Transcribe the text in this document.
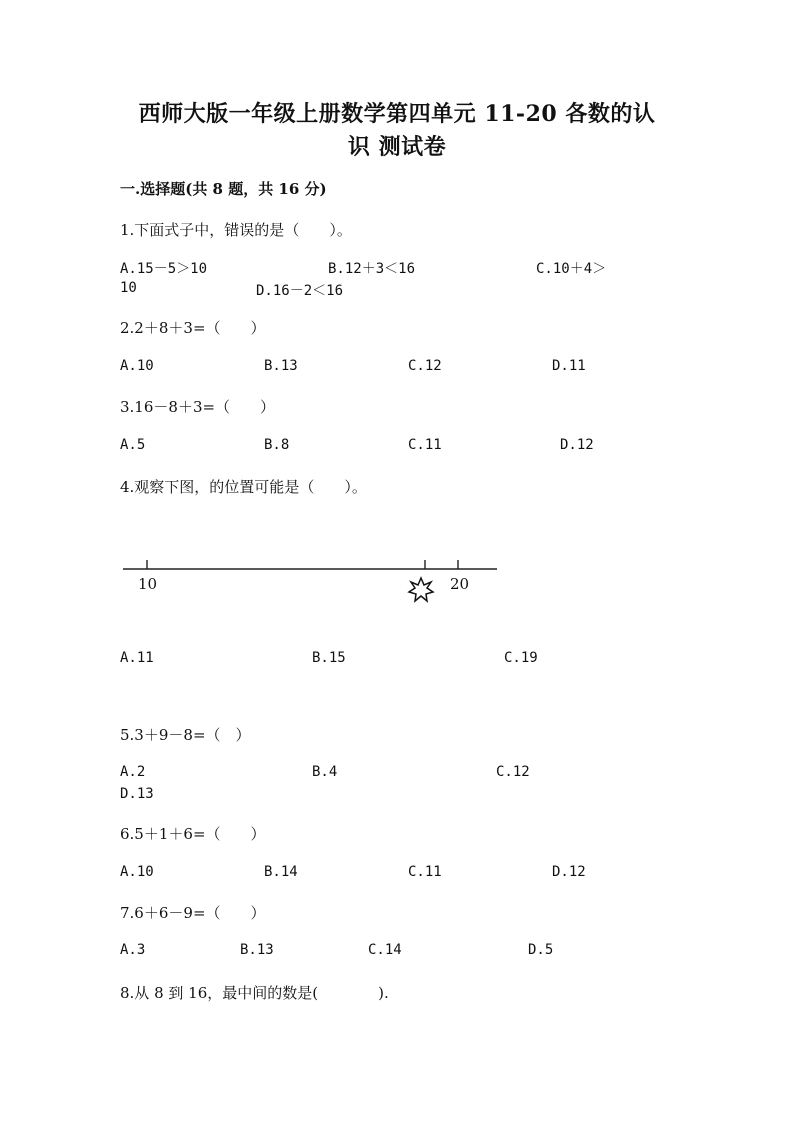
西师大版一年级上册数学第四单元 11-20 各数的认
识 测试卷
一.选择题(共 8 题，共 16 分)
1.下面式子中，错误的是（　　）。
A.15－5＞10	B.12＋3＜16	C.10＋4＞
10	D.16－2＜16
2.2＋8＋3=（　　）
A.10	B.13	C.12	D.11
3.16－8＋3=（　　）
A.5	B.8	C.11	D.12
4.观察下图，的位置可能是（　　）。
10	20
A.11	B.15	C.19
5.3＋9－8=（　）
A.2	B.4	C.12
D.13
6.5＋1＋6=（　　）
A.10	B.14	C.11	D.12
7.6＋6－9=（　　）
A.3	B.13	C.14	D.5
8.从 8 到 16，最中间的数是(　　　　).
